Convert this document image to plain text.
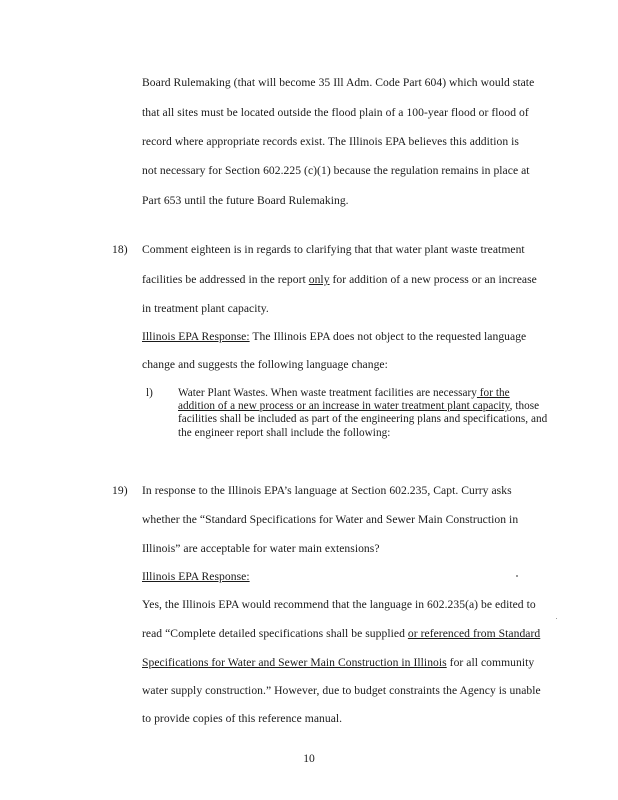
Board Rulemaking (that will become 35 Ill Adm. Code Part 604) which would state
that all sites must be located outside the flood plain of a 100-year flood or flood of
record where appropriate records exist. The Illinois EPA believes this addition is
not necessary for Section 602.225 (c)(1) because the regulation remains in place at
Part 653 until the future Board Rulemaking.
18) Comment eighteen is in regards to clarifying that that water plant waste treatment
facilities be addressed in the report only for addition of a new process or an increase
in treatment plant capacity.
Illinois EPA Response: The Illinois EPA does not object to the requested language
change and suggests the following language change:
l) Water Plant Wastes. When waste treatment facilities are necessary for the
addition of a new process or an increase in water treatment plant capacity, those
facilities shall be included as part of the engineering plans and specifications, and
the engineer report shall include the following:
19) In response to the Illinois EPA’s language at Section 602.235, Capt. Curry asks
whether the “Standard Specifications for Water and Sewer Main Construction in
Illinois” are acceptable for water main extensions?
Illinois EPA Response:
Yes, the Illinois EPA would recommend that the language in 602.235(a) be edited to
read “Complete detailed specifications shall be supplied or referenced from Standard
Specifications for Water and Sewer Main Construction in Illinois for all community
water supply construction.” However, due to budget constraints the Agency is unable
to provide copies of this reference manual.
10
